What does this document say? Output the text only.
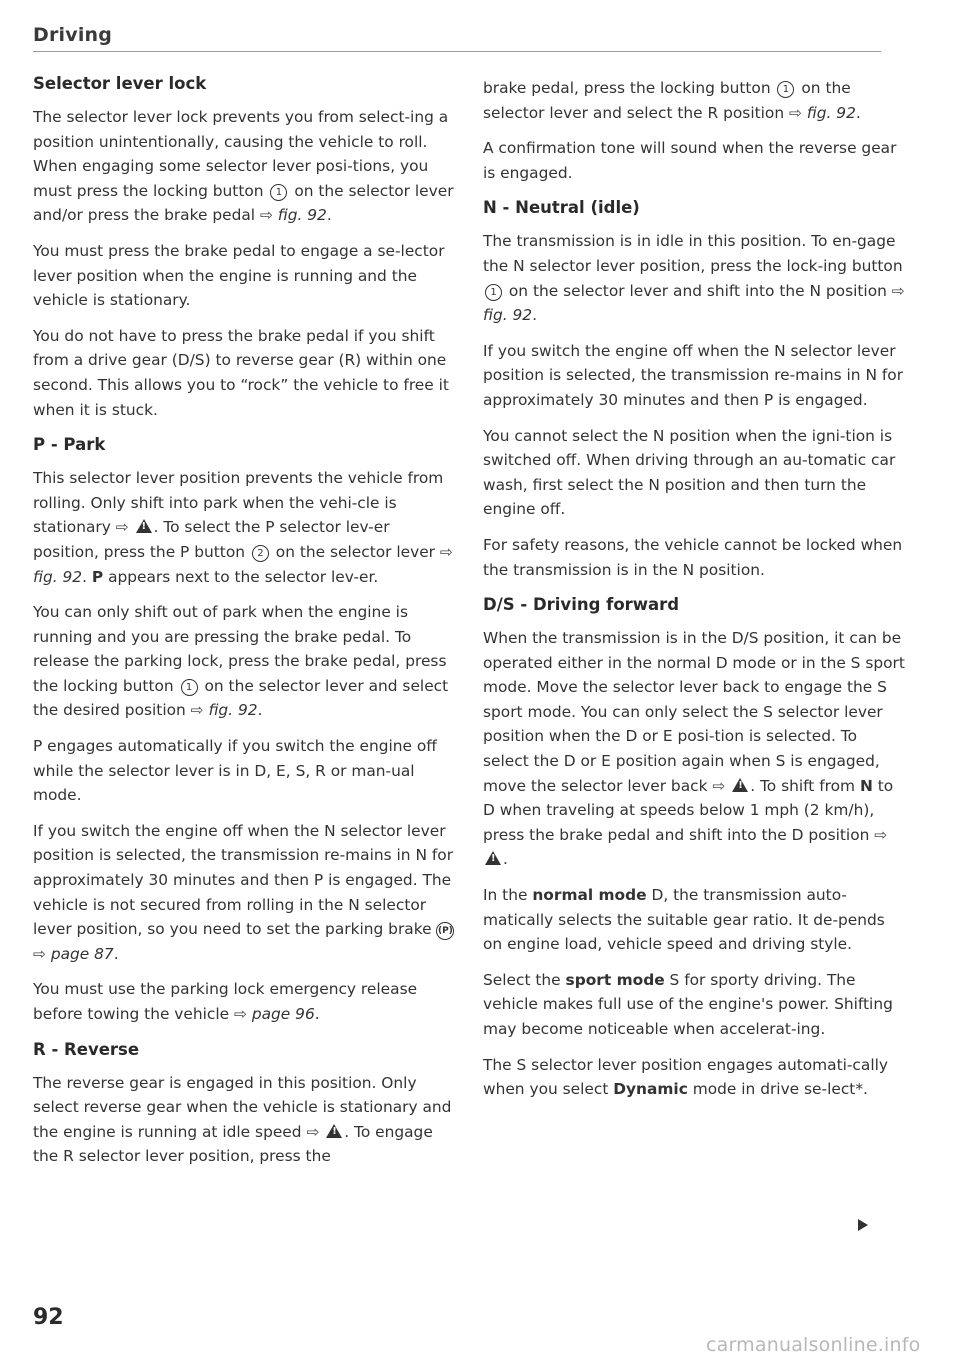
Driving
Selector lever lock

The selector lever lock prevents you from select-ing a position unintentionally, causing the vehicle to roll. When engaging some selector lever posi-tions, you must press the locking button 1 on the selector lever and/or press the brake pedal ⇨ fig. 92.

You must press the brake pedal to engage a se-lector lever position when the engine is running and the vehicle is stationary.

You do not have to press the brake pedal if you shift from a drive gear (D/S) to reverse gear (R) within one second. This allows you to “rock” the vehicle to free it when it is stuck.

P - Park

This selector lever position prevents the vehicle from rolling. Only shift into park when the vehi-cle is stationary ⇨ ! . To select the P selector lev-er position, press the P button 2 on the selector lever ⇨ fig. 92. P appears next to the selector lev-er.

You can only shift out of park when the engine is running and you are pressing the brake pedal. To release the parking lock, press the brake pedal, press the locking button 1 on the selector lever and select the desired position ⇨ fig. 92.

P engages automatically if you switch the engine off while the selector lever is in D, E, S, R or man-ual mode.

If you switch the engine off when the N selector lever position is selected, the transmission re-mains in N for approximately 30 minutes and then P is engaged. The vehicle is not secured from rolling in the N selector lever position, so you need to set the parking brake (P) ⇨ page 87.

You must use the parking lock emergency release before towing the vehicle ⇨ page 96.

R - Reverse

The reverse gear is engaged in this position. Only select reverse gear when the vehicle is stationary and the engine is running at idle speed ⇨ ! . To engage the R selector lever position, press the

brake pedal, press the locking button 1 on the selector lever and select the R position ⇨ fig. 92.

A confirmation tone will sound when the reverse gear is engaged.

N - Neutral (idle)

The transmission is in idle in this position. To en-gage the N selector lever position, press the lock-ing button 1 on the selector lever and shift into the N position ⇨ fig. 92.

If you switch the engine off when the N selector lever position is selected, the transmission re-mains in N for approximately 30 minutes and then P is engaged.

You cannot select the N position when the igni-tion is switched off. When driving through an au-tomatic car wash, first select the N position and then turn the engine off.

For safety reasons, the vehicle cannot be locked when the transmission is in the N position.

D/S - Driving forward

When the transmission is in the D/S position, it can be operated either in the normal D mode or in the S sport mode. Move the selector lever back to engage the S sport mode. You can only select the S selector lever position when the D or E posi-tion is selected. To select the D or E position again when S is engaged, move the selector lever back ⇨ ! . To shift from N to D when traveling at speeds below 1 mph (2 km/h), press the brake pedal and shift into the D position ⇨ !.

In the normal mode D, the transmission auto-matically selects the suitable gear ratio. It de-pends on engine load, vehicle speed and driving style.

Select the sport mode S for sporty driving. The vehicle makes full use of the engine's power. Shifting may become noticeable when accelerat-ing.

The S selector lever position engages automati-cally when you select Dynamic mode in drive se-lect*.

92
carmanualsonline.info
